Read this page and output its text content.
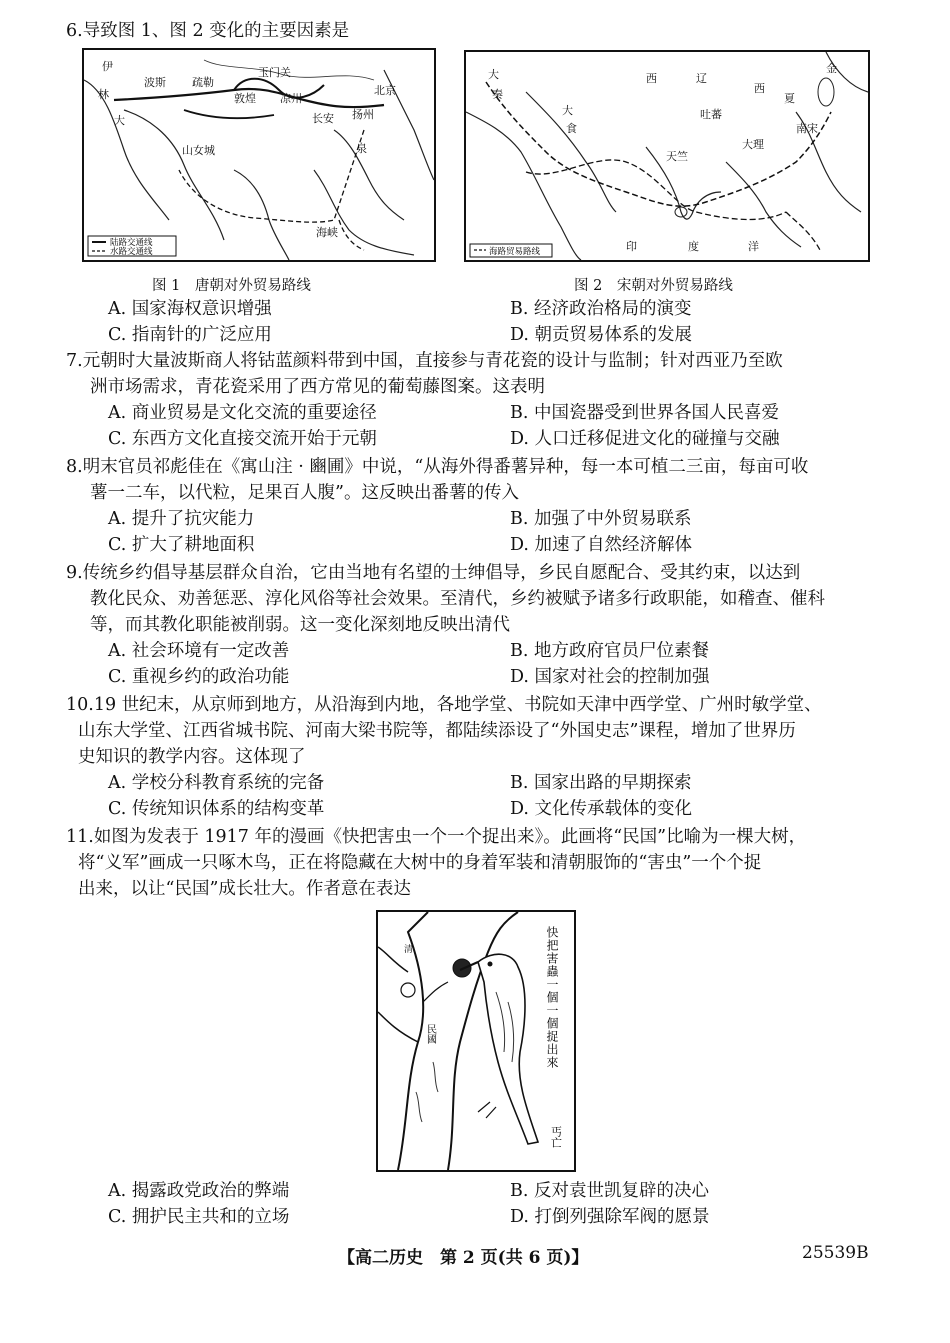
6.导致图 1、图 2 变化的主要因素是
伊
林
大
波斯 疏勒
敦煌
玉门关
凉州
长安 扬州
北京
山女城	泉
海峡
陆路交通线
水路交通线
大
秦
西	辽
西
夏
金
大
食
吐蕃
天竺
大理
南宋
印	度	洋
海路贸易路线
图 1　唐朝对外贸易路线	图 2　宋朝对外贸易路线
A. 国家海权意识增强	B. 经济政治格局的演变
C. 指南针的广泛应用	D. 朝贡贸易体系的发展
7.元朝时大量波斯商人将钴蓝颜料带到中国，直接参与青花瓷的设计与监制；针对西亚乃至欧
洲市场需求，青花瓷采用了西方常见的葡萄藤图案。这表明
A. 商业贸易是文化交流的重要途径	B. 中国瓷器受到世界各国人民喜爱
C. 东西方文化直接交流开始于元朝	D. 人口迁移促进文化的碰撞与交融
8.明末官员祁彪佳在《寓山注 · 豳圃》中说，“从海外得番薯异种，每一本可植二三亩，每亩可收
薯一二车，以代粒，足果百人腹”。这反映出番薯的传入
A. 提升了抗灾能力	B. 加强了中外贸易联系
C. 扩大了耕地面积	D. 加速了自然经济解体
9.传统乡约倡导基层群众自治，它由当地有名望的士绅倡导，乡民自愿配合、受其约束，以达到
教化民众、劝善惩恶、淳化风俗等社会效果。至清代，乡约被赋予诸多行政职能，如稽查、催科
等，而其教化职能被削弱。这一变化深刻地反映出清代
A. 社会环境有一定改善	B. 地方政府官员尸位素餐
C. 重视乡约的政治功能	D. 国家对社会的控制加强
10.19 世纪末，从京师到地方，从沿海到内地，各地学堂、书院如天津中西学堂、广州时敏学堂、
山东大学堂、江西省城书院、河南大梁书院等，都陆续添设了“外国史志”课程，增加了世界历
史知识的教学内容。这体现了
A. 学校分科教育系统的完备	B. 国家出路的早期探索
C. 传统知识体系的结构变革	D. 文化传承载体的变化
11.如图为发表于 1917 年的漫画《快把害虫一个一个捉出来》。此画将“民国”比喻为一棵大树，
将“义军”画成一只啄木鸟，正在将隐藏在大树中的身着军装和清朝服饰的“害虫”一个个捉
出来，以让“民国”成长壮大。作者意在表达
快把害蟲一個一個捉出來
丐亡
民國
清
A. 揭露政党政治的弊端	B. 反对袁世凯复辟的决心
C. 拥护民主共和的立场	D. 打倒列强除军阀的愿景
【高二历史　第 2 页(共 6 页)】	25539B
